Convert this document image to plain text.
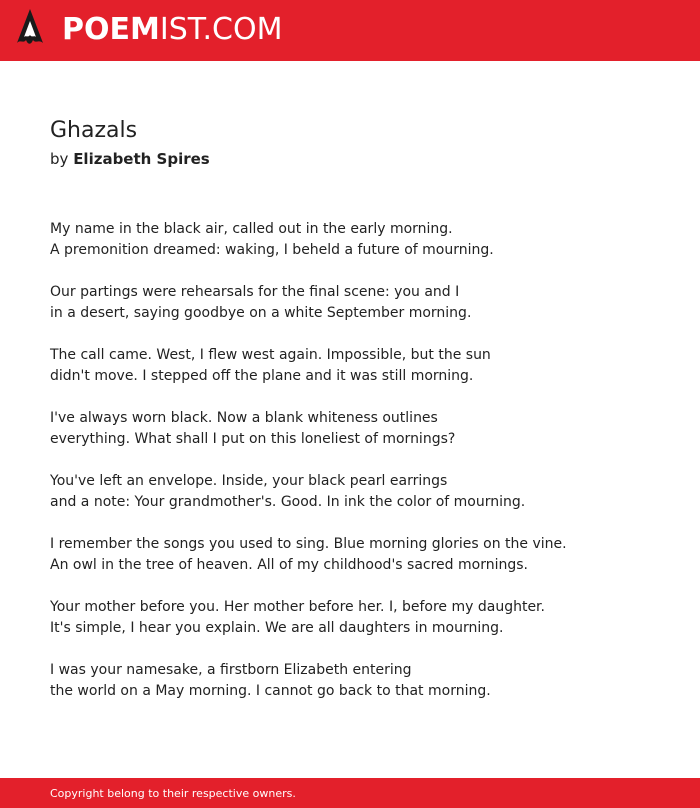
POEMIST.COM
Ghazals
by Elizabeth Spires
My name in the black air, called out in the early morning.
A premonition dreamed: waking, I beheld a future of mourning.
Our partings were rehearsals for the final scene: you and I
in a desert, saying goodbye on a white September morning.
The call came. West, I flew west again. Impossible, but the sun
didn't move. I stepped off the plane and it was still morning.
I've always worn black. Now a blank whiteness outlines
everything. What shall I put on this loneliest of mornings?
You've left an envelope. Inside, your black pearl earrings
and a note: Your grandmother's. Good. In ink the color of mourning.
I remember the songs you used to sing. Blue morning glories on the vine.
An owl in the tree of heaven. All of my childhood's sacred mornings.
Your mother before you. Her mother before her. I, before my daughter.
It's simple, I hear you explain. We are all daughters in mourning.
I was your namesake, a firstborn Elizabeth entering
the world on a May morning. I cannot go back to that morning.
Copyright belong to their respective owners.
